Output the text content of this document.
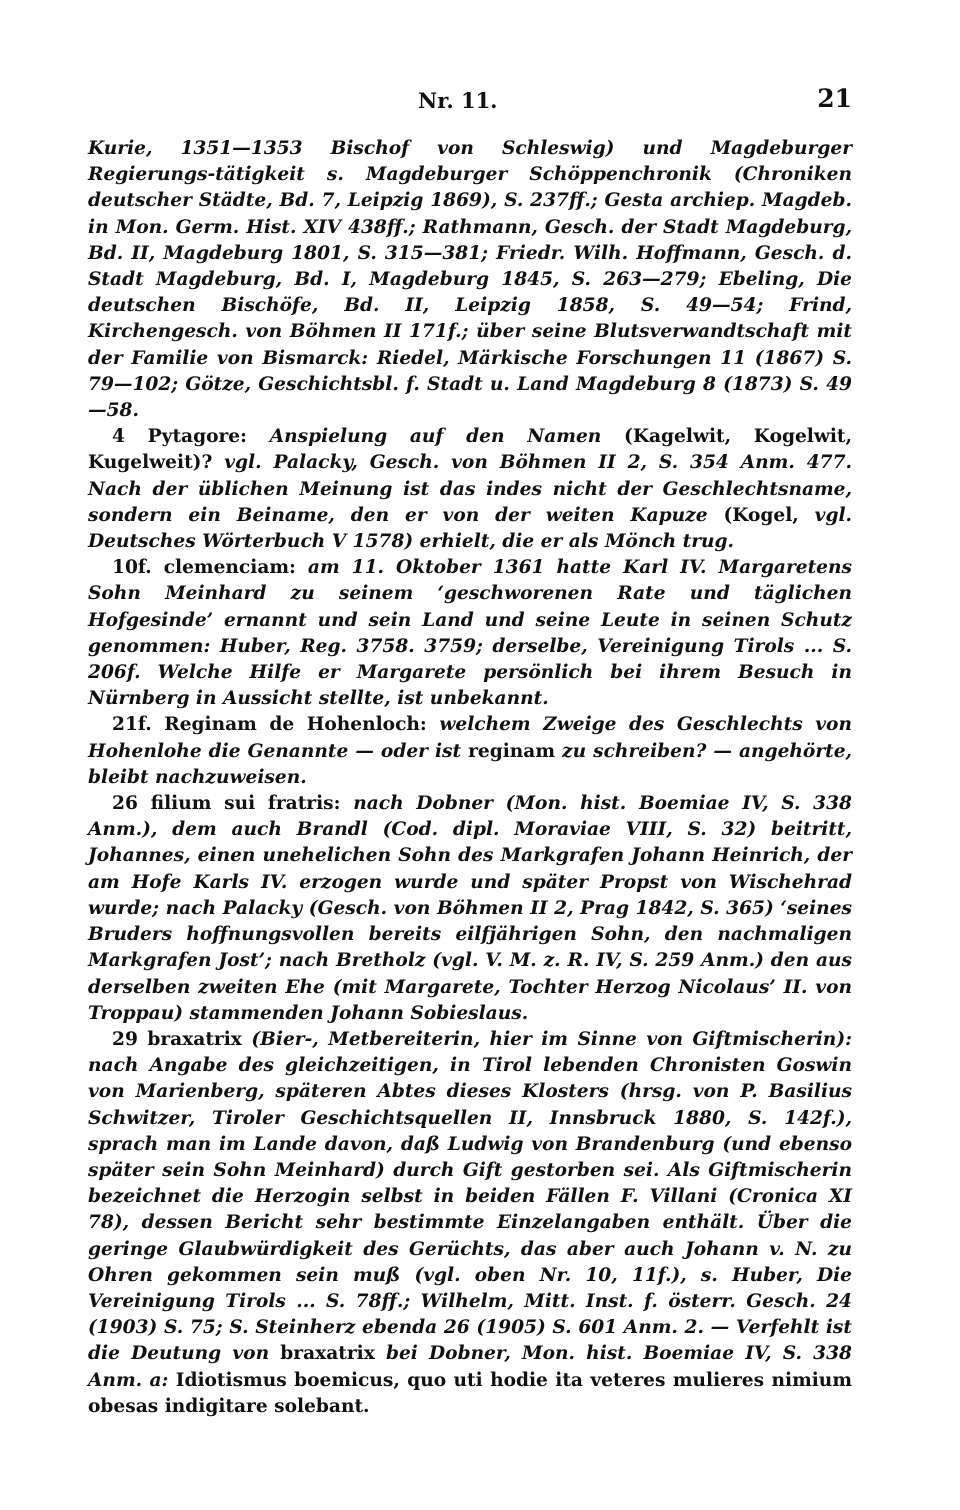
Nr. 11.	21

Kurie, 1351—1353 Bischof von Schleswig) und Magdeburger Regierungs-tätigkeit s. Magdeburger Schöppenchronik (Chroniken deutscher Städte, Bd. 7, Leipzig 1869), S. 237ff.; Gesta archiep. Magdeb. in Mon. Germ. Hist. XIV 438ff.; Rathmann, Gesch. der Stadt Magdeburg, Bd. II, Magdeburg 1801, S. 315—381; Friedr. Wilh. Hoffmann, Gesch. d. Stadt Magdeburg, Bd. I, Magdeburg 1845, S. 263—279; Ebeling, Die deutschen Bischöfe, Bd. II, Leipzig 1858, S. 49—54; Frind, Kirchengesch. von Böhmen II 171f.; über seine Blutsverwandtschaft mit der Familie von Bismarck: Riedel, Märkische Forschungen 11 (1867) S. 79—102; Götze, Geschichtsbl. f. Stadt u. Land Magdeburg 8 (1873) S. 49—58.

4 Pytagore: Anspielung auf den Namen (Kagelwit, Kogelwit, Kugelweit)? vgl. Palacky, Gesch. von Böhmen II 2, S. 354 Anm. 477. Nach der üblichen Meinung ist das indes nicht der Geschlechtsname, sondern ein Beiname, den er von der weiten Kapuze (Kogel, vgl. Deutsches Wörterbuch V 1578) erhielt, die er als Mönch trug.

10f. clemenciam: am 11. Oktober 1361 hatte Karl IV. Margaretens Sohn Meinhard zu seinem ‘geschworenen Rate und täglichen Hofgesinde’ ernannt und sein Land und seine Leute in seinen Schutz genommen: Huber, Reg. 3758. 3759; derselbe, Vereinigung Tirols ... S. 206f. Welche Hilfe er Margarete persönlich bei ihrem Besuch in Nürnberg in Aussicht stellte, ist unbekannt.

21f. Reginam de Hohenloch: welchem Zweige des Geschlechts von Hohenlohe die Genannte — oder ist reginam zu schreiben? — angehörte, bleibt nachzuweisen.

26 filium sui fratris: nach Dobner (Mon. hist. Boemiae IV, S. 338 Anm.), dem auch Brandl (Cod. dipl. Moraviae VIII, S. 32) beitritt, Johannes, einen unehelichen Sohn des Markgrafen Johann Heinrich, der am Hofe Karls IV. erzogen wurde und später Propst von Wischehrad wurde; nach Palacky (Gesch. von Böhmen II 2, Prag 1842, S. 365) ‘seines Bruders hoffnungsvollen bereits eilfjährigen Sohn, den nachmaligen Markgrafen Jost’; nach Bretholz (vgl. V. M. z. R. IV, S. 259 Anm.) den aus derselben zweiten Ehe (mit Margarete, Tochter Herzog Nicolaus’ II. von Troppau) stammenden Johann Sobieslaus.

29 braxatrix (Bier-, Metbereiterin, hier im Sinne von Giftmischerin): nach Angabe des gleichzeitigen, in Tirol lebenden Chronisten Goswin von Marienberg, späteren Abtes dieses Klosters (hrsg. von P. Basilius Schwitzer, Tiroler Geschichtsquellen II, Innsbruck 1880, S. 142f.), sprach man im Lande davon, daß Ludwig von Brandenburg (und ebenso später sein Sohn Meinhard) durch Gift gestorben sei. Als Giftmischerin bezeichnet die Herzogin selbst in beiden Fällen F. Villani (Cronica XI 78), dessen Bericht sehr bestimmte Einzelangaben enthält. Über die geringe Glaubwürdigkeit des Gerüchts, das aber auch Johann v. N. zu Ohren gekommen sein muß (vgl. oben Nr. 10, 11f.), s. Huber, Die Vereinigung Tirols ... S. 78ff.; Wilhelm, Mitt. Inst. f. österr. Gesch. 24 (1903) S. 75; S. Steinherz ebenda 26 (1905) S. 601 Anm. 2. — Verfehlt ist die Deutung von braxatrix bei Dobner, Mon. hist. Boemiae IV, S. 338 Anm. a: Idiotismus boemicus, quo uti hodie ita veteres mulieres nimium obesas indigitare solebant.
